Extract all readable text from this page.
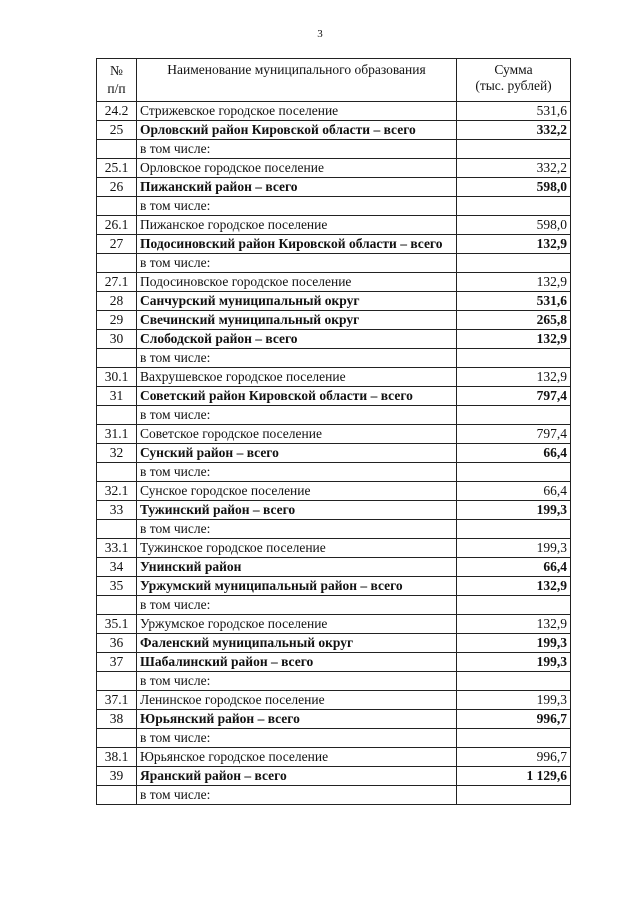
3
№
п/п	Наименование муниципального образования	Сумма
(тыс. рублей)
24.2	Стрижевское городское поселение	531,6
25	Орловский район Кировской области – всего	332,2
	в том числе:	
25.1	Орловское городское поселение	332,2
26	Пижанский район – всего	598,0
	в том числе:	
26.1	Пижанское городское поселение	598,0
27	Подосиновский район Кировской области – всего	132,9
	в том числе:	
27.1	Подосиновское городское поселение	132,9
28	Санчурский муниципальный округ	531,6
29	Свечинский муниципальный округ	265,8
30	Слободской район – всего	132,9
	в том числе:	
30.1	Вахрушевское городское поселение	132,9
31	Советский район Кировской области – всего	797,4
	в том числе:	
31.1	Советское городское поселение	797,4
32	Сунский район – всего	66,4
	в том числе:	
32.1	Сунское городское поселение	66,4
33	Тужинский район – всего	199,3
	в том числе:	
33.1	Тужинское городское поселение	199,3
34	Унинский район	66,4
35	Уржумский муниципальный район – всего	132,9
	в том числе:	
35.1	Уржумское городское поселение	132,9
36	Фаленский муниципальный округ	199,3
37	Шабалинский район – всего	199,3
	в том числе:	
37.1	Ленинское городское поселение	199,3
38	Юрьянский район – всего	996,7
	в том числе:	
38.1	Юрьянское городское поселение	996,7
39	Яранский район – всего	1 129,6
	в том числе:	
